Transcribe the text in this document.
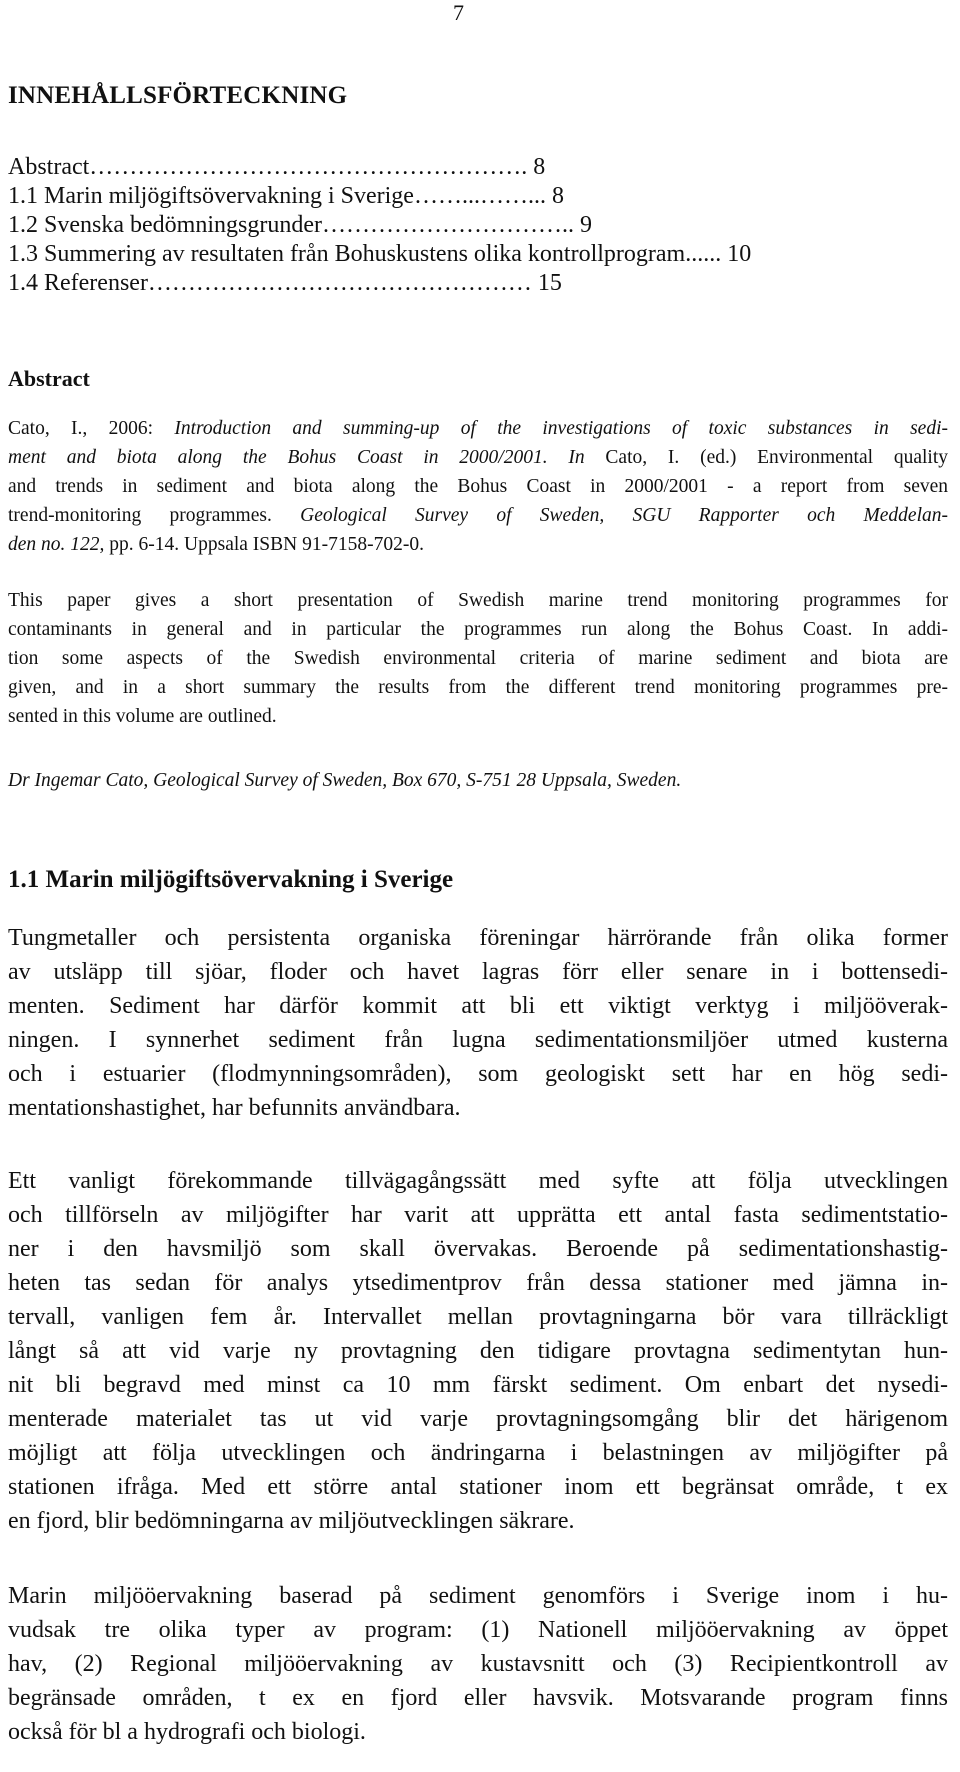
7
INNEHÅLLSFÖRTECKNING
Abstract………………………………………………. 8
1.1 Marin miljögiftsövervakning i Sverige……...……... 8
1.2 Svenska bedömningsgrunder………………………….. 9
1.3 Summering av resultaten från Bohuskustens olika kontrollprogram...... 10
1.4 Referenser………………………………………… 15
Abstract
Cato, I., 2006: Introduction and summing-up of the investigations of toxic substances in sedi-
ment and biota along the Bohus Coast in 2000/2001. In Cato, I. (ed.) Environmental quality
and trends in sediment and biota along the Bohus Coast in 2000/2001 - a report from seven
trend-monitoring programmes. Geological Survey of Sweden, SGU Rapporter och Meddelan-
den no. 122, pp. 6-14. Uppsala ISBN 91-7158-702-0.
This paper gives a short presentation of Swedish marine trend monitoring programmes for
contaminants in general and in particular the programmes run along the Bohus Coast. In addi-
tion some aspects of the Swedish environmental criteria of marine sediment and biota are
given, and in a short summary the results from the different trend monitoring programmes pre-
sented in this volume are outlined.
Dr Ingemar Cato, Geological Survey of Sweden, Box 670, S-751 28 Uppsala, Sweden.
1.1 Marin miljögiftsövervakning i Sverige
Tungmetaller och persistenta organiska föreningar härrörande från olika former
av utsläpp till sjöar, floder och havet lagras förr eller senare in i bottensedi-
menten. Sediment har därför kommit att bli ett viktigt verktyg i miljööverak-
ningen. I synnerhet sediment från lugna sedimentationsmiljöer utmed kusterna
och i estuarier (flodmynningsområden), som geologiskt sett har en hög sedi-
mentationshastighet, har befunnits användbara.
Ett vanligt förekommande tillvägagångssätt med syfte att följa utvecklingen
och tillförseln av miljögifter har varit att upprätta ett antal fasta sedimentstatio-
ner i den havsmiljö som skall övervakas. Beroende på sedimentationshastig-
heten tas sedan för analys ytsedimentprov från dessa stationer med jämna in-
tervall, vanligen fem år. Intervallet mellan provtagningarna bör vara tillräckligt
långt så att vid varje ny provtagning den tidigare provtagna sedimentytan hun-
nit bli begravd med minst ca 10 mm färskt sediment. Om enbart det nysedi-
menterade materialet tas ut vid varje provtagningsomgång blir det härigenom
möjligt att följa utvecklingen och ändringarna i belastningen av miljögifter på
stationen ifråga. Med ett större antal stationer inom ett begränsat område, t ex
en fjord, blir bedömningarna av miljöutvecklingen säkrare.
Marin miljööervakning baserad på sediment genomförs i Sverige inom i hu-
vudsak tre olika typer av program: (1) Nationell miljööervakning av öppet
hav, (2) Regional miljööervakning av kustavsnitt och (3) Recipientkontroll av
begränsade områden, t ex en fjord eller havsvik. Motsvarande program finns
också för bl a hydrografi och biologi.
